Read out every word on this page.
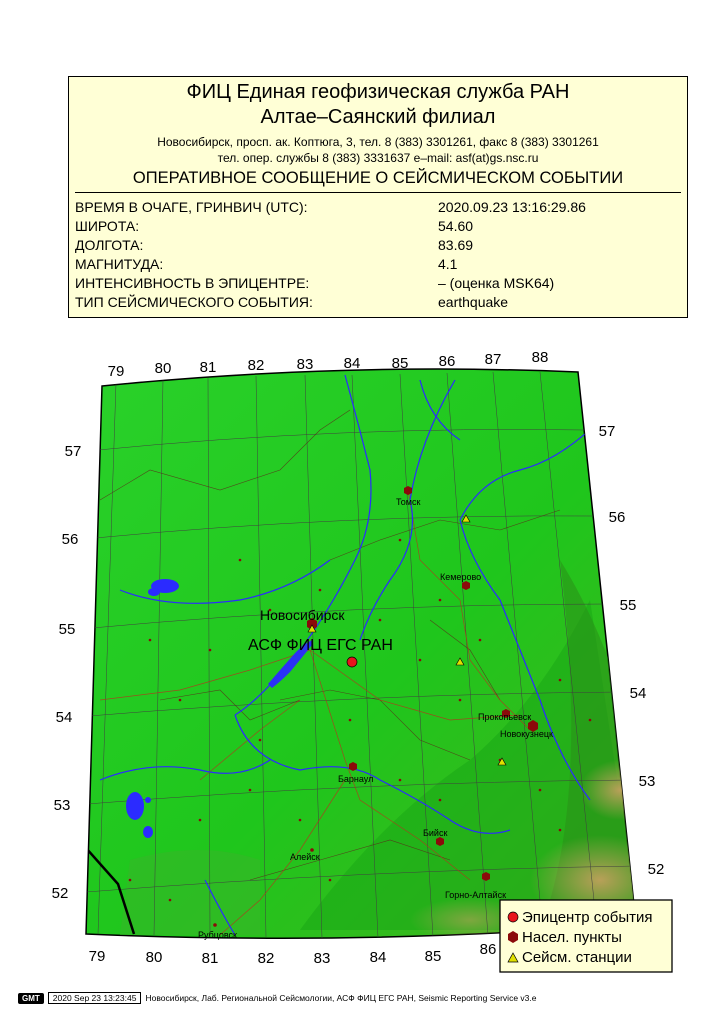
ФИЦ Единая геофизическая служба РАН
Алтае–Саянский филиал
Новосибирск, просп. ак. Коптюга, 3, тел. 8 (383) 3301261, факс 8 (383) 3301261
тел. опер. службы 8 (383) 3331637 e–mail: asf(at)gs.nsc.ru
ОПЕРАТИВНОЕ СООБЩЕНИЕ О СЕЙСМИЧЕСКОМ СОБЫТИИ
ВРЕМЯ В ОЧАГЕ, ГРИНВИЧ (UTC):	2020.09.23 13:16:29.86
ШИРОТА:	54.60
ДОЛГОТА:	83.69
МАГНИТУДА:	4.1
ИНТЕНСИВНОСТЬ В ЭПИЦЕНТРЕ:	– (оценка MSK64)
ТИП СЕЙСМИЧЕСКОГО СОБЫТИЯ:	earthquake
79 80 81 82 83 84 85 86 87 88
79	80	81	82	83	84	85	86
57
56
55
54
53
52
57
56
55
54
53
52
Новосибирск
Томск
Кемерово
Прокопьевск
Новокузнецк
Барнаул
Бийск
Алейск
Рубцовск
Горно-Алтайск
АСФ ФИЦ ЕГС РАН
Эпицентр события
Насел. пункты
Сейсм. станции
GMT 2020 Sep 23 13:23:45 Новосибирск, Лаб. Региональной Сейсмологии, АСФ ФИЦ ЕГС РАН, Seismic Reporting Service v3.e
